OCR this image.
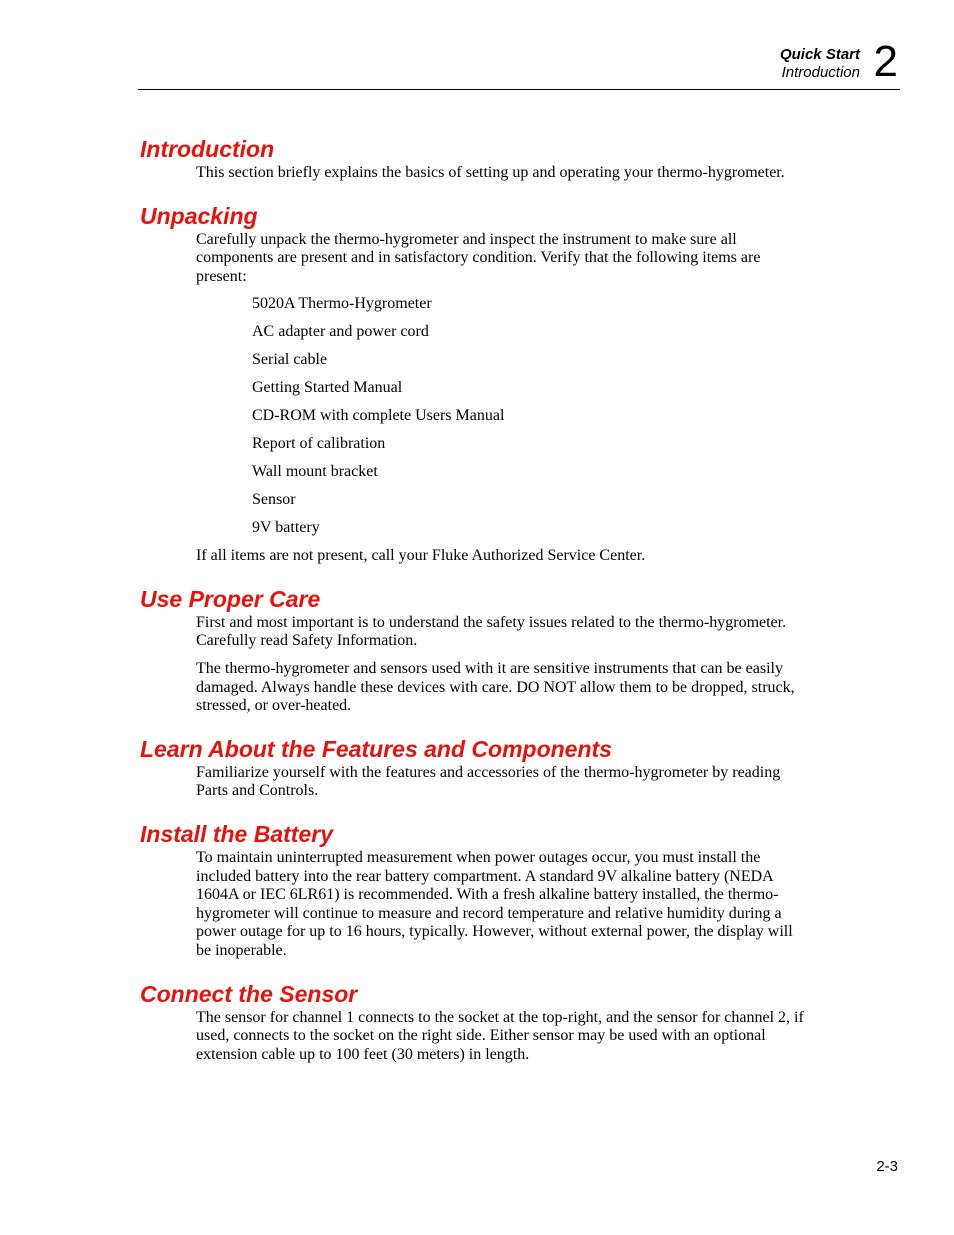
Quick Start
Introduction 2
Introduction

This section briefly explains the basics of setting up and operating your thermo-hygrometer.

Unpacking

Carefully unpack the thermo-hygrometer and inspect the instrument to make sure all components are present and in satisfactory condition. Verify that the following items are present:

5020A Thermo-Hygrometer
AC adapter and power cord
Serial cable
Getting Started Manual
CD-ROM with complete Users Manual
Report of calibration
Wall mount bracket
Sensor
9V battery

If all items are not present, call your Fluke Authorized Service Center.

Use Proper Care

First and most important is to understand the safety issues related to the thermo-hygrometer. Carefully read Safety Information.

The thermo-hygrometer and sensors used with it are sensitive instruments that can be easily damaged. Always handle these devices with care. DO NOT allow them to be dropped, struck, stressed, or over-heated.

Learn About the Features and Components

Familiarize yourself with the features and accessories of the thermo-hygrometer by reading Parts and Controls.

Install the Battery

To maintain uninterrupted measurement when power outages occur, you must install the included battery into the rear battery compartment. A standard 9V alkaline battery (NEDA 1604A or IEC 6LR61) is recommended. With a fresh alkaline battery installed, the thermo-hygrometer will continue to measure and record temperature and relative humidity during a power outage for up to 16 hours, typically. However, without external power, the display will be inoperable.

Connect the Sensor

The sensor for channel 1 connects to the socket at the top-right, and the sensor for channel 2, if used, connects to the socket on the right side. Either sensor may be used with an optional extension cable up to 100 feet (30 meters) in length.

2-3
